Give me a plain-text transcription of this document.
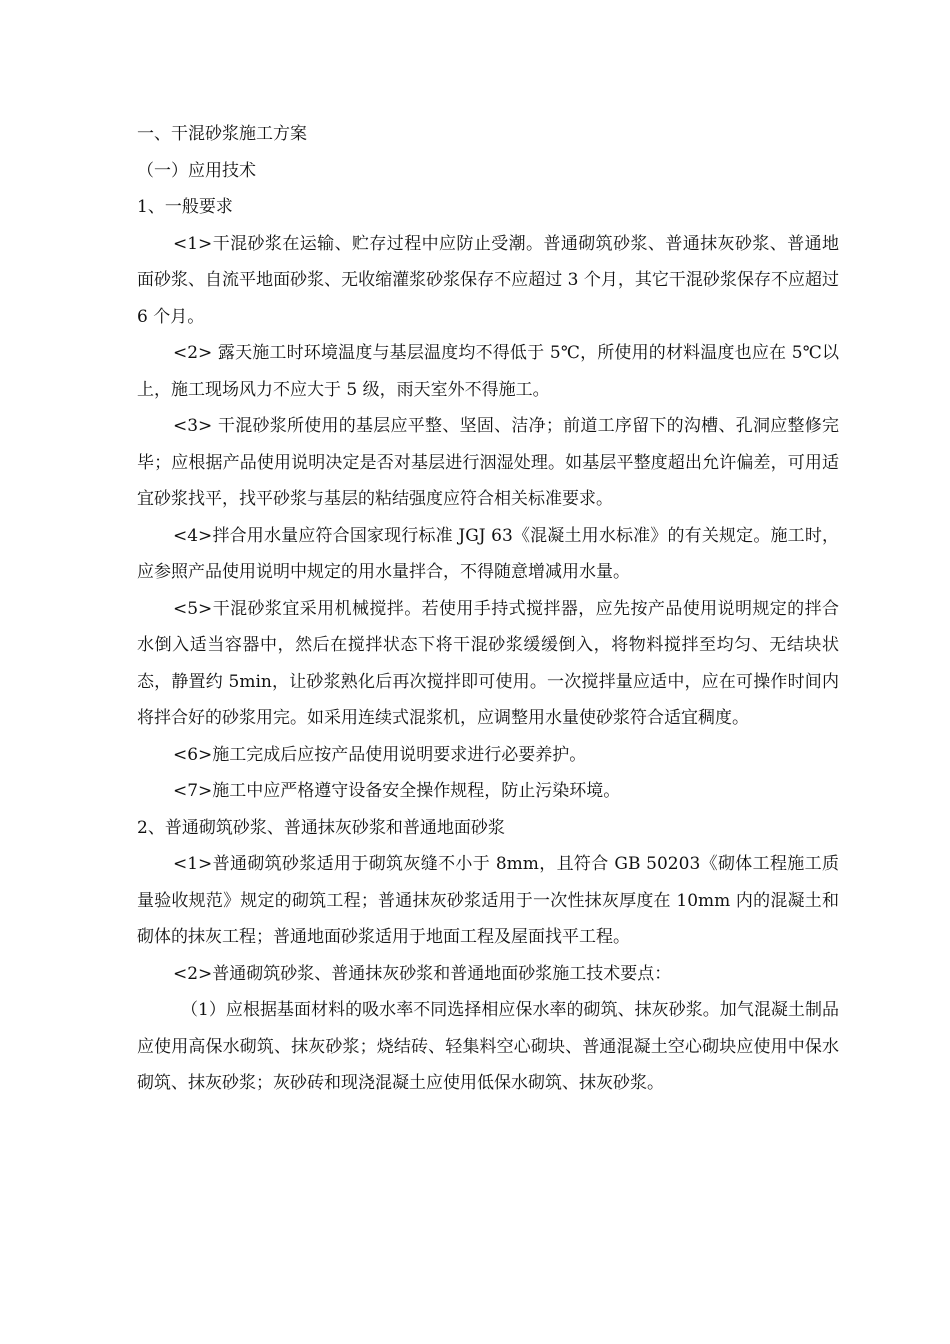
一、干混砂浆施工方案

（一）应用技术

1、一般要求

<1>干混砂浆在运输、贮存过程中应防止受潮。普通砌筑砂浆、普通抹灰砂浆、普通地面砂浆、自流平地面砂浆、无收缩灌浆砂浆保存不应超过 3 个月，其它干混砂浆保存不应超过 6 个月。

<2> 露天施工时环境温度与基层温度均不得低于 5℃，所使用的材料温度也应在 5℃以上，施工现场风力不应大于 5 级，雨天室外不得施工。

<3> 干混砂浆所使用的基层应平整、坚固、洁净；前道工序留下的沟槽、孔洞应整修完毕；应根据产品使用说明决定是否对基层进行洇湿处理。如基层平整度超出允许偏差，可用适宜砂浆找平，找平砂浆与基层的粘结强度应符合相关标准要求。

<4>拌合用水量应符合国家现行标准 JGJ 63《混凝土用水标准》的有关规定。施工时，应参照产品使用说明中规定的用水量拌合，不得随意增减用水量。

<5>干混砂浆宜采用机械搅拌。若使用手持式搅拌器，应先按产品使用说明规定的拌合水倒入适当容器中，然后在搅拌状态下将干混砂浆缓缓倒入，将物料搅拌至均匀、无结块状态，静置约 5min，让砂浆熟化后再次搅拌即可使用。一次搅拌量应适中，应在可操作时间内将拌合好的砂浆用完。如采用连续式混浆机，应调整用水量使砂浆符合适宜稠度。

<6>施工完成后应按产品使用说明要求进行必要养护。

<7>施工中应严格遵守设备安全操作规程，防止污染环境。

2、普通砌筑砂浆、普通抹灰砂浆和普通地面砂浆

<1>普通砌筑砂浆适用于砌筑灰缝不小于 8mm，且符合 GB 50203《砌体工程施工质量验收规范》规定的砌筑工程；普通抹灰砂浆适用于一次性抹灰厚度在 10mm 内的混凝土和砌体的抹灰工程；普通地面砂浆适用于地面工程及屋面找平工程。

<2>普通砌筑砂浆、普通抹灰砂浆和普通地面砂浆施工技术要点：

（1）应根据基面材料的吸水率不同选择相应保水率的砌筑、抹灰砂浆。加气混凝土制品应使用高保水砌筑、抹灰砂浆；烧结砖、轻集料空心砌块、普通混凝土空心砌块应使用中保水砌筑、抹灰砂浆；灰砂砖和现浇混凝土应使用低保水砌筑、抹灰砂浆。
